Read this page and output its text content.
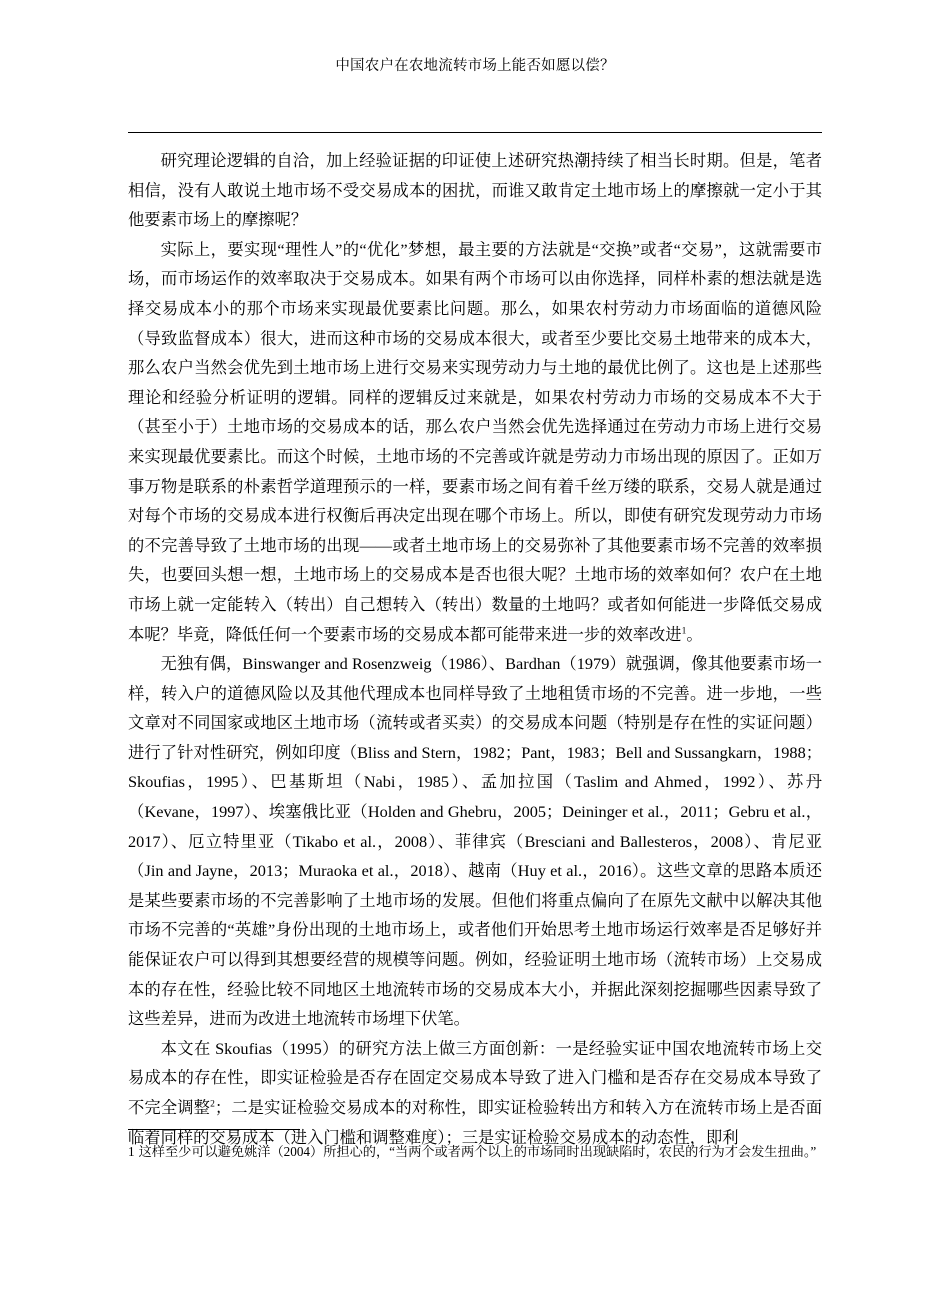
中国农户在农地流转市场上能否如愿以偿？

研究理论逻辑的自洽，加上经验证据的印证使上述研究热潮持续了相当长时期。但是，笔者相信，没有人敢说土地市场不受交易成本的困扰，而谁又敢肯定土地市场上的摩擦就一定小于其他要素市场上的摩擦呢？

实际上，要实现“理性人”的“优化”梦想，最主要的方法就是“交换”或者“交易”，这就需要市场，而市场运作的效率取决于交易成本。如果有两个市场可以由你选择，同样朴素的想法就是选择交易成本小的那个市场来实现最优要素比问题。那么，如果农村劳动力市场面临的道德风险（导致监督成本）很大，进而这种市场的交易成本很大，或者至少要比交易土地带来的成本大，那么农户当然会优先到土地市场上进行交易来实现劳动力与土地的最优比例了。这也是上述那些理论和经验分析证明的逻辑。同样的逻辑反过来就是，如果农村劳动力市场的交易成本不大于（甚至小于）土地市场的交易成本的话，那么农户当然会优先选择通过在劳动力市场上进行交易来实现最优要素比。而这个时候，土地市场的不完善或许就是劳动力市场出现的原因了。正如万事万物是联系的朴素哲学道理预示的一样，要素市场之间有着千丝万缕的联系，交易人就是通过对每个市场的交易成本进行权衡后再决定出现在哪个市场上。所以，即使有研究发现劳动力市场的不完善导致了土地市场的出现——或者土地市场上的交易弥补了其他要素市场不完善的效率损失，也要回头想一想，土地市场上的交易成本是否也很大呢？土地市场的效率如何？农户在土地市场上就一定能转入（转出）自己想转入（转出）数量的土地吗？或者如何能进一步降低交易成本呢？毕竟，降低任何一个要素市场的交易成本都可能带来进一步的效率改进$^1$。

无独有偶，Binswanger and Rosenzweig（1986）、Bardhan（1979）就强调，像其他要素市场一样，转入户的道德风险以及其他代理成本也同样导致了土地租赁市场的不完善。进一步地，一些文章对不同国家或地区土地市场（流转或者买卖）的交易成本问题（特别是存在性的实证问题）进行了针对性研究，例如印度（Bliss and Stern，1982；Pant，1983；Bell and Sussangkarn，1988；Skoufias，1995）、巴基斯坦（Nabi，1985）、孟加拉国（Taslim and Ahmed，1992）、苏丹（Kevane，1997）、埃塞俄比亚（Holden and Ghebru，2005；Deininger et al.，2011；Gebru et al.，2017）、厄立特里亚（Tikabo et al.，2008）、菲律宾（Bresciani and Ballesteros，2008）、肯尼亚（Jin and Jayne，2013；Muraoka et al.，2018）、越南（Huy et al.，2016）。这些文章的思路本质还是某些要素市场的不完善影响了土地市场的发展。但他们将重点偏向了在原先文献中以解决其他市场不完善的“英雄”身份出现的土地市场上，或者他们开始思考土地市场运行效率是否足够好并能保证农户可以得到其想要经营的规模等问题。例如，经验证明土地市场（流转市场）上交易成本的存在性，经验比较不同地区土地流转市场的交易成本大小，并据此深刻挖掘哪些因素导致了这些差异，进而为改进土地流转市场埋下伏笔。

本文在 Skoufias（1995）的研究方法上做三方面创新：一是经验实证中国农地流转市场上交易成本的存在性，即实证检验是否存在固定交易成本导致了进入门槛和是否存在交易成本导致了不完全调整$^2$；二是实证检验交易成本的对称性，即实证检验转出方和转入方在流转市场上是否面临着同样的交易成本（进入门槛和调整难度）；三是实证检验交易成本的动态性，即利

1 这样至少可以避免姚洋（2004）所担心的，“当两个或者两个以上的市场同时出现缺陷时，农民的行为才会发生扭曲。”
